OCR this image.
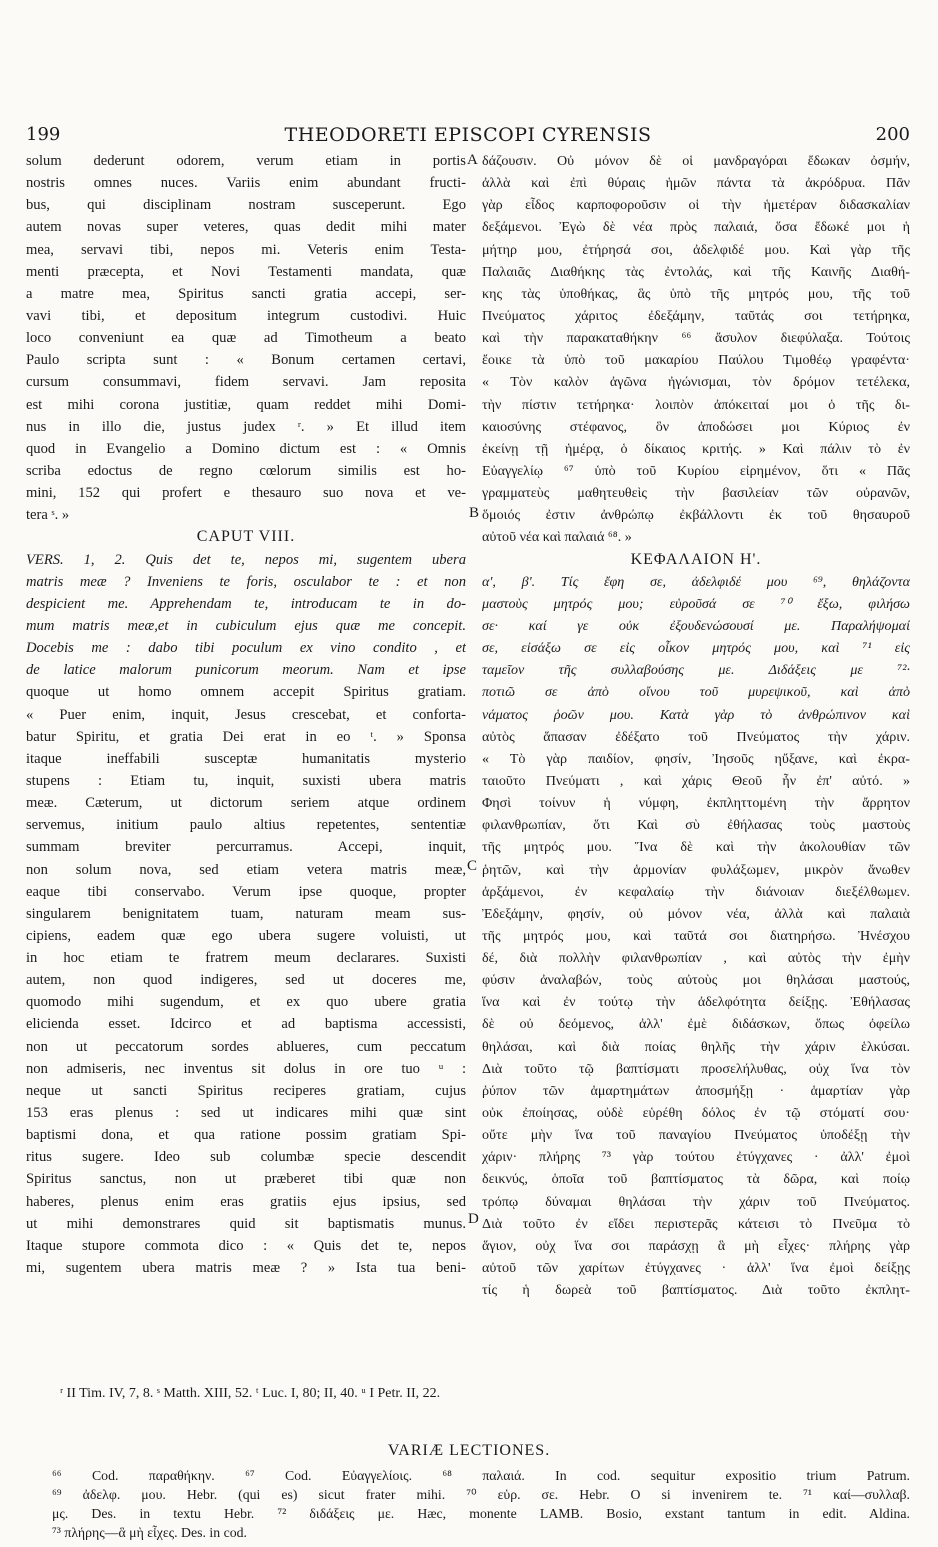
199	THEODORETI EPISCOPI CYRENSIS	200
A
B
C
D
solum dederunt odorem, verum etiam in portis
nostris omnes nuces. Variis enim abundant fructi-
bus, qui disciplinam nostram susceperunt. Ego
autem novas super veteres, quas dedit mihi mater
mea, servavi tibi, nepos mi. Veteris enim Testa-
menti præcepta, et Novi Testamenti mandata, quæ
a matre mea, Spiritus sancti gratia accepi, ser-
vavi tibi, et depositum integrum custodivi. Huic
loco conveniunt ea quæ ad Timotheum a beato
Paulo scripta sunt : « Bonum certamen certavi,
cursum consummavi, fidem servavi. Jam reposita
est mihi corona justitiæ, quam reddet mihi Domi-
nus in illo die, justus judex ʳ. » Et illud item
quod in Evangelio a Domino dictum est : « Omnis
scriba edoctus de regno cœlorum similis est ho-
mini, 152 qui profert e thesauro suo nova et ve-
tera ˢ. »
CAPUT VIII.
VERS. 1, 2. Quis det te, nepos mi, sugentem ubera
matris meæ ? Inveniens te foris, osculabor te : et non
despicient me. Apprehendam te, introducam te in do-
mum matris meæ,et in cubiculum ejus quæ me concepit.
Docebis me : dabo tibi poculum ex vino condito , et
de latice malorum punicorum meorum. Nam et ipse
quoque ut homo omnem accepit Spiritus gratiam.
« Puer enim, inquit, Jesus crescebat, et conforta-
batur Spiritu, et gratia Dei erat in eo ᵗ. » Sponsa
itaque ineffabili susceptæ humanitatis mysterio
stupens : Etiam tu, inquit, suxisti ubera matris
meæ. Cæterum, ut dictorum seriem atque ordinem
servemus, initium paulo altius repetentes, sententiæ
summam breviter percurramus. Accepi, inquit,
non solum nova, sed etiam vetera matris meæ,
eaque tibi conservabo. Verum ipse quoque, propter
singularem benignitatem tuam, naturam meam sus-
cipiens, eadem quæ ego ubera sugere voluisti, ut
in hoc etiam te fratrem meum declarares. Suxisti
autem, non quod indigeres, sed ut doceres me,
quomodo mihi sugendum, et ex quo ubere gratia
elicienda esset. Idcirco et ad baptisma accessisti,
non ut peccatorum sordes ablueres, cum peccatum
non admiseris, nec inventus sit dolus in ore tuo ᵘ :
neque ut sancti Spiritus reciperes gratiam, cujus
153 eras plenus : sed ut indicares mihi quæ sint
baptismi dona, et qua ratione possim gratiam Spi-
ritus sugere. Ideo sub columbæ specie descendit
Spiritus sanctus, non ut præberet tibi quæ non
haberes, plenus enim eras gratiis ejus ipsius, sed
ut mihi demonstrares quid sit baptismatis munus.
Itaque stupore commota dico : « Quis det te, nepos
mi, sugentem ubera matris meæ ? » Ista tua beni-
δάζουσιν. Οὐ μόνον δὲ οἱ μανδραγόραι ἔδωκαν ὀσμήν,
ἀλλὰ καὶ ἐπὶ θύραις ἡμῶν πάντα τὰ ἀκρόδρυα. Πᾶν
γὰρ εἶδος καρποφοροῦσιν οἱ τὴν ἡμετέραν διδασκαλίαν
δεξάμενοι. Ἐγὼ δὲ νέα πρὸς παλαιά, ὅσα ἔδωκέ μοι ἡ
μήτηρ μου, ἐτήρησά σοι, ἀδελφιδέ μου. Καὶ γὰρ τῆς
Παλαιᾶς Διαθήκης τὰς ἐντολάς, καὶ τῆς Καινῆς Διαθή-
κης τὰς ὑποθήκας, ἃς ὑπὸ τῆς μητρός μου, τῆς τοῦ
Πνεύματος χάριτος ἐδεξάμην, ταῦτάς σοι τετήρηκα,
καὶ τὴν παρακαταθήκην ⁶⁶ ἄσυλον διεφύλαξα. Τούτοις
ἔοικε τὰ ὑπὸ τοῦ μακαρίου Παύλου Τιμοθέῳ γραφέντα·
« Τὸν καλὸν ἀγῶνα ἠγώνισμαι, τὸν δρόμον τετέλεκα,
τὴν πίστιν τετήρηκα· λοιπὸν ἀπόκειταί μοι ὁ τῆς δι-
καιοσύνης στέφανος, ὃν ἀποδώσει μοι Κύριος ἐν
ἐκείνῃ τῇ ἡμέρᾳ, ὁ δίκαιος κριτής. » Καὶ πάλιν τὸ ἐν
Εὐαγγελίῳ ⁶⁷ ὑπὸ τοῦ Κυρίου εἰρημένον, ὅτι « Πᾶς
γραμματεὺς μαθητευθεὶς τὴν βασιλείαν τῶν οὐρανῶν,
ὅμοιός ἐστιν ἀνθρώπῳ ἐκβάλλοντι ἐκ τοῦ θησαυροῦ
αὐτοῦ νέα καὶ παλαιά ⁶⁸. »
ΚΕΦΑΛΑΙΟΝ Η'.
α', β'. Τίς ἔφη σε, ἀδελφιδέ μου ⁶⁹, θηλάζοντα
μαστοὺς μητρός μου; εὑροῦσά σε ⁷⁰ ἔξω, φιλήσω
σε· καί γε οὐκ ἐξουδενώσουσί με. Παραλήψομαί
σε, εἰσάξω σε εἰς οἶκον μητρός μου, καὶ ⁷¹ εἰς
ταμεῖον τῆς συλλαβούσης με. Διδάξεις με ⁷²·
ποτιῶ σε ἀπὸ οἴνου τοῦ μυρεψικοῦ, καὶ ἀπὸ
νάματος ῥοῶν μου. Κατὰ γὰρ τὸ ἀνθρώπινον καὶ
αὐτὸς ἅπασαν ἐδέξατο τοῦ Πνεύματος τὴν χάριν.
« Τὸ γὰρ παιδίον, φησίν, Ἰησοῦς ηὔξανε, καὶ ἐκρα-
ταιοῦτο Πνεύματι , καὶ χάρις Θεοῦ ἦν ἐπ' αὐτό. »
Φησὶ τοίνυν ἡ νύμφη, ἐκπληττομένη τὴν ἄρρητον
φιλανθρωπίαν, ὅτι Καὶ σὺ ἐθήλασας τοὺς μαστοὺς
τῆς μητρός μου. Ἵνα δὲ καὶ τὴν ἀκολουθίαν τῶν
ῥητῶν, καὶ τὴν ἁρμονίαν φυλάξωμεν, μικρὸν ἄνωθεν
ἀρξάμενοι, ἐν κεφαλαίῳ τὴν διάνοιαν διεξέλθωμεν.
Ἐδεξάμην, φησίν, οὐ μόνον νέα, ἀλλὰ καὶ παλαιὰ
τῆς μητρός μου, καὶ ταῦτά σοι διατηρήσω. Ἠνέσχου
δέ, διὰ πολλὴν φιλανθρωπίαν , καὶ αὐτὸς τὴν ἐμὴν
φύσιν ἀναλαβών, τοὺς αὐτοὺς μοι θηλάσαι μαστούς,
ἵνα καὶ ἐν τούτῳ τὴν ἀδελφότητα δείξῃς. Ἐθήλασας
δὲ οὐ δεόμενος, ἀλλ' ἐμὲ διδάσκων, ὅπως ὀφείλω
θηλάσαι, καὶ διὰ ποίας θηλῆς τὴν χάριν ἑλκύσαι.
Διὰ τοῦτο τῷ βαπτίσματι προσελήλυθας, οὐχ ἵνα τὸν
ῥύπον τῶν ἁμαρτημάτων ἀποσμήξῃ · ἁμαρτίαν γὰρ
οὐκ ἐποίησας, οὐδὲ εὑρέθη δόλος ἐν τῷ στόματί σου·
οὔτε μὴν ἵνα τοῦ παναγίου Πνεύματος ὑποδέξῃ τὴν
χάριν· πλήρης ⁷³ γὰρ τούτου ἐτύγχανες · ἀλλ' ἐμοὶ
δεικνύς, ὁποῖα τοῦ βαπτίσματος τὰ δῶρα, καὶ ποίῳ
τρόπῳ δύναμαι θηλάσαι τὴν χάριν τοῦ Πνεύματος.
Διὰ τοῦτο ἐν εἴδει περιστερᾶς κάτεισι τὸ Πνεῦμα τὸ
ἅγιον, οὐχ ἵνα σοι παράσχῃ ἃ μὴ εἶχες· πλήρης γὰρ
αὐτοῦ τῶν χαρίτων ἐτύγχανες · ἀλλ' ἵνα ἐμοὶ δείξῃς
τίς ἡ δωρεὰ τοῦ βαπτίσματος. Διὰ τοῦτο ἐκπλητ-
ʳ II Tim. IV, 7, 8. ˢ Matth. XIII, 52. ᵗ Luc. I, 80; II, 40. ᵘ I Petr. II, 22.
VARIÆ LECTIONES.
⁶⁶ Cod. παραθήκην. ⁶⁷ Cod. Εὐαγγελίοις. ⁶⁸ παλαιά. In cod. sequitur expositio trium Patrum.
⁶⁹ ἀδελφ. μου. Hebr. (qui es) sicut frater mihi. ⁷⁰ εὑρ. σε. Hebr. O si invenirem te. ⁷¹ καί—συλλαβ.
μς. Des. in textu Hebr. ⁷² διδάξεις με. Hæc, monente LAMB. Bosio, exstant tantum in edit. Aldina.
⁷³ πλήρης—ἃ μὴ εἶχες. Des. in cod.
